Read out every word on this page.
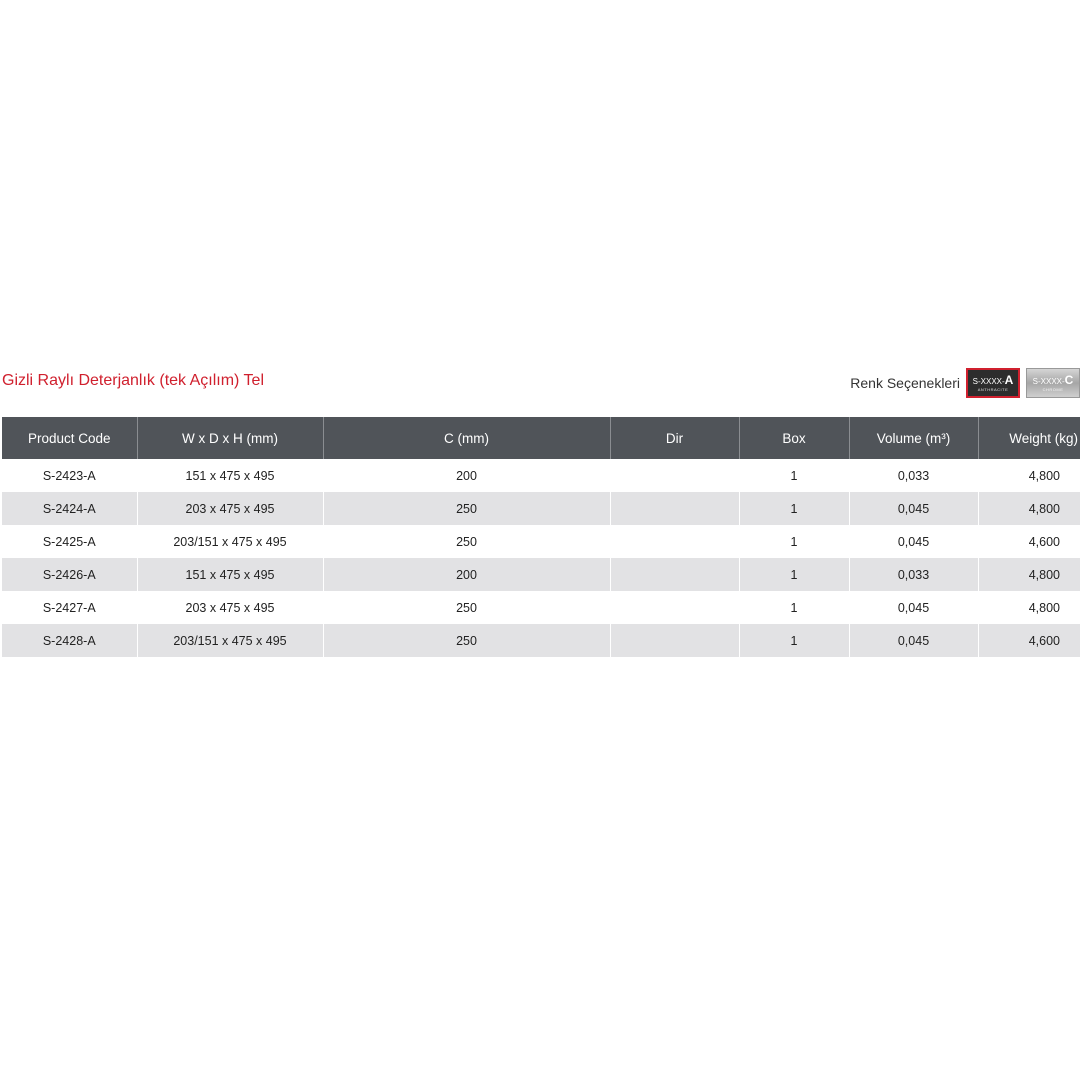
Gizli Raylı Deterjanlık (tek Açılım) Tel	Renk Seçenekleri S-XXXX-A
ANTHRACITE
S-XXXX-C
CHROME
Product Code	W x D x H (mm)	C (mm)	Dir	Box	Volume (m³)	Weight (kg)
S-2423-A	151 x 475 x 495	200		1	0,033	4,800
S-2424-A	203 x 475 x 495	250		1	0,045	4,800
S-2425-A	203/151 x 475 x 495	250		1	0,045	4,600
S-2426-A	151 x 475 x 495	200		1	0,033	4,800
S-2427-A	203 x 475 x 495	250		1	0,045	4,800
S-2428-A	203/151 x 475 x 495	250		1	0,045	4,600
